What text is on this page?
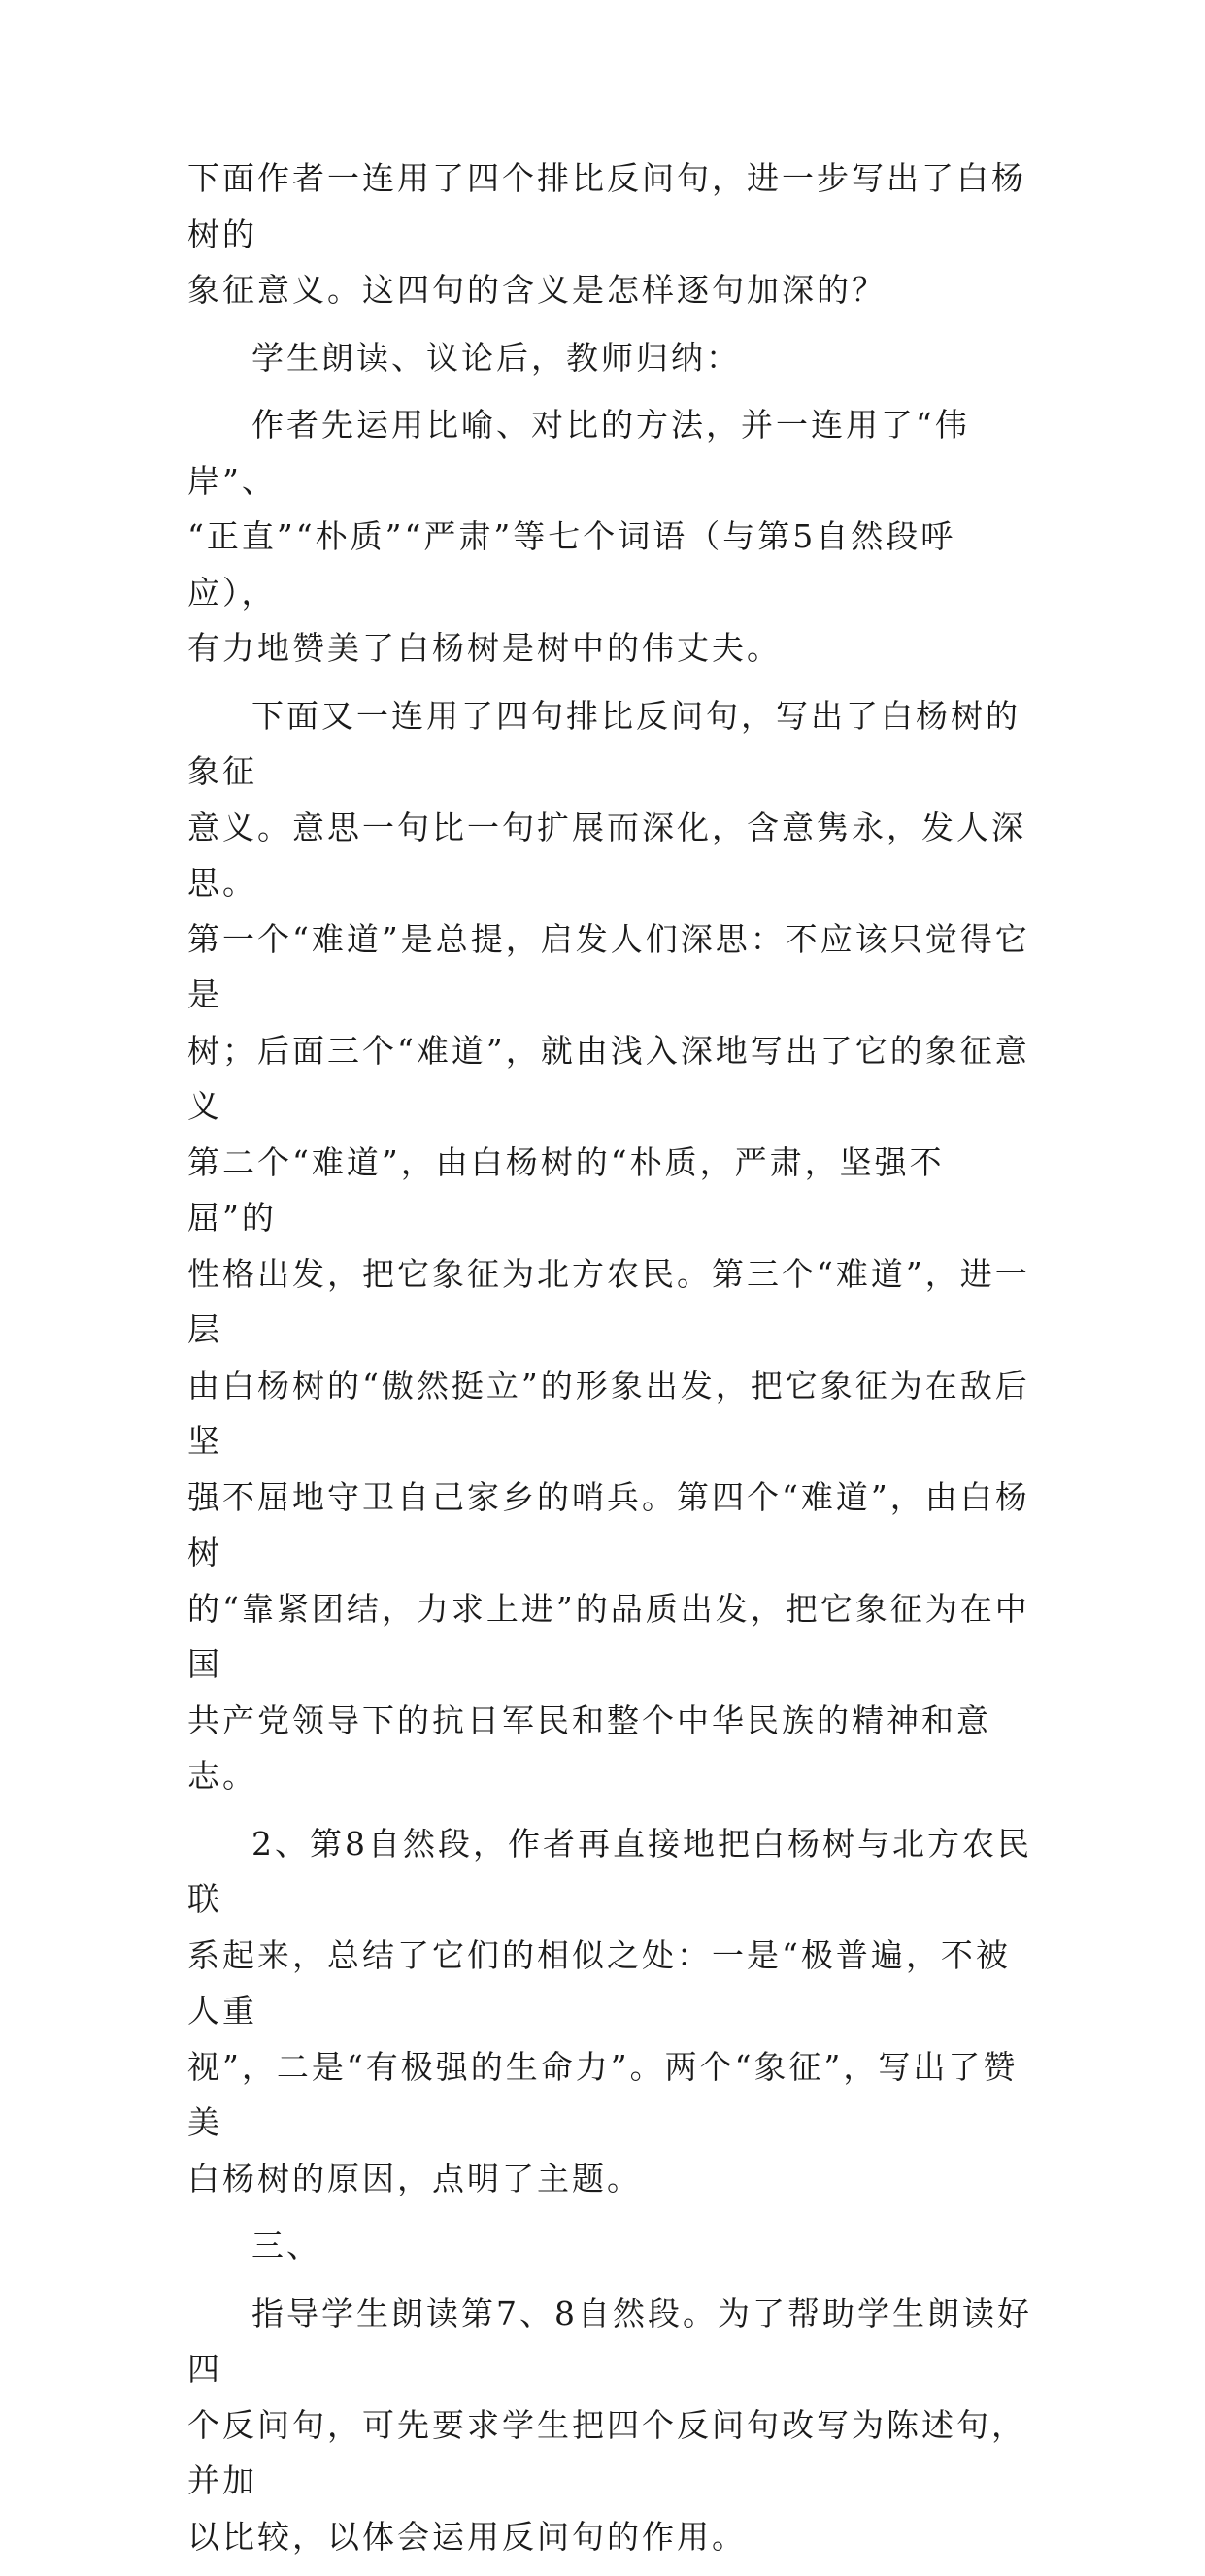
下面作者一连用了四个排比反问句，进一步写出了白杨树的
象征意义。这四句的含义是怎样逐句加深的？

学生朗读、议论后，教师归纳：

作者先运用比喻、对比的方法，并一连用了“伟岸”、
“正直”“朴质”“严肃”等七个词语（与第5自然段呼应），
有力地赞美了白杨树是树中的伟丈夫。

下面又一连用了四句排比反问句，写出了白杨树的象征
意义。意思一句比一句扩展而深化，含意隽永，发人深思。
第一个“难道”是总提，启发人们深思：不应该只觉得它是
树；后面三个“难道”，就由浅入深地写出了它的象征意义
第二个“难道”，由白杨树的“朴质，严肃，坚强不屈”的
性格出发，把它象征为北方农民。第三个“难道”，进一层
由白杨树的“傲然挺立”的形象出发，把它象征为在敌后坚
强不屈地守卫自己家乡的哨兵。第四个“难道”，由白杨树
的“靠紧团结，力求上进”的品质出发，把它象征为在中国
共产党领导下的抗日军民和整个中华民族的精神和意志。

2、第8自然段，作者再直接地把白杨树与北方农民联
系起来，总结了它们的相似之处：一是“极普遍，不被人重
视”，二是“有极强的生命力”。两个“象征”，写出了赞美
白杨树的原因，点明了主题。

三、

指导学生朗读第7、8自然段。为了帮助学生朗读好四
个反问句，可先要求学生把四个反问句改写为陈述句，并加
以比较，以体会运用反问句的作用。
